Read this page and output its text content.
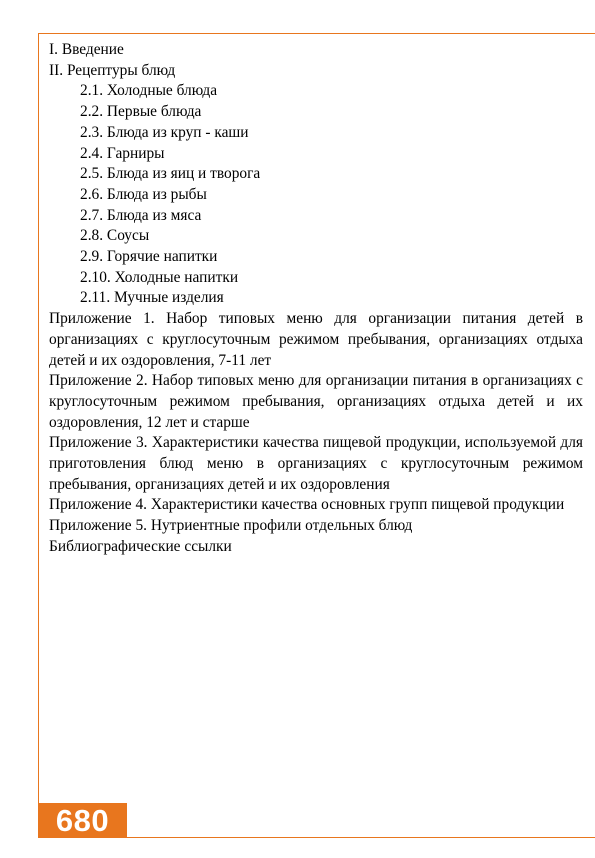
I. Введение
II. Рецептуры блюд
2.1. Холодные блюда
2.2. Первые блюда
2.3. Блюда из круп - каши
2.4. Гарниры
2.5. Блюда из яиц и творога
2.6. Блюда из рыбы
2.7. Блюда из мяса
2.8. Соусы
2.9. Горячие напитки
2.10. Холодные напитки
2.11. Мучные изделия
Приложение 1. Набор типовых меню для организации питания детей в организациях с круглосуточным режимом пребывания, организациях отдыха детей и их оздоровления, 7-11 лет
Приложение 2. Набор типовых меню для организации питания в организациях с круглосуточным режимом пребывания, организациях отдыха детей и их оздоровления, 12 лет и старше
Приложение 3. Характеристики качества пищевой продукции, используемой для приготовления блюд меню в организациях с круглосуточным режимом пребывания, организациях детей и их оздоровления
Приложение 4. Характеристики качества основных групп пищевой продукции
Приложение 5. Нутриентные профили отдельных блюд
Библиографические ссылки
680
